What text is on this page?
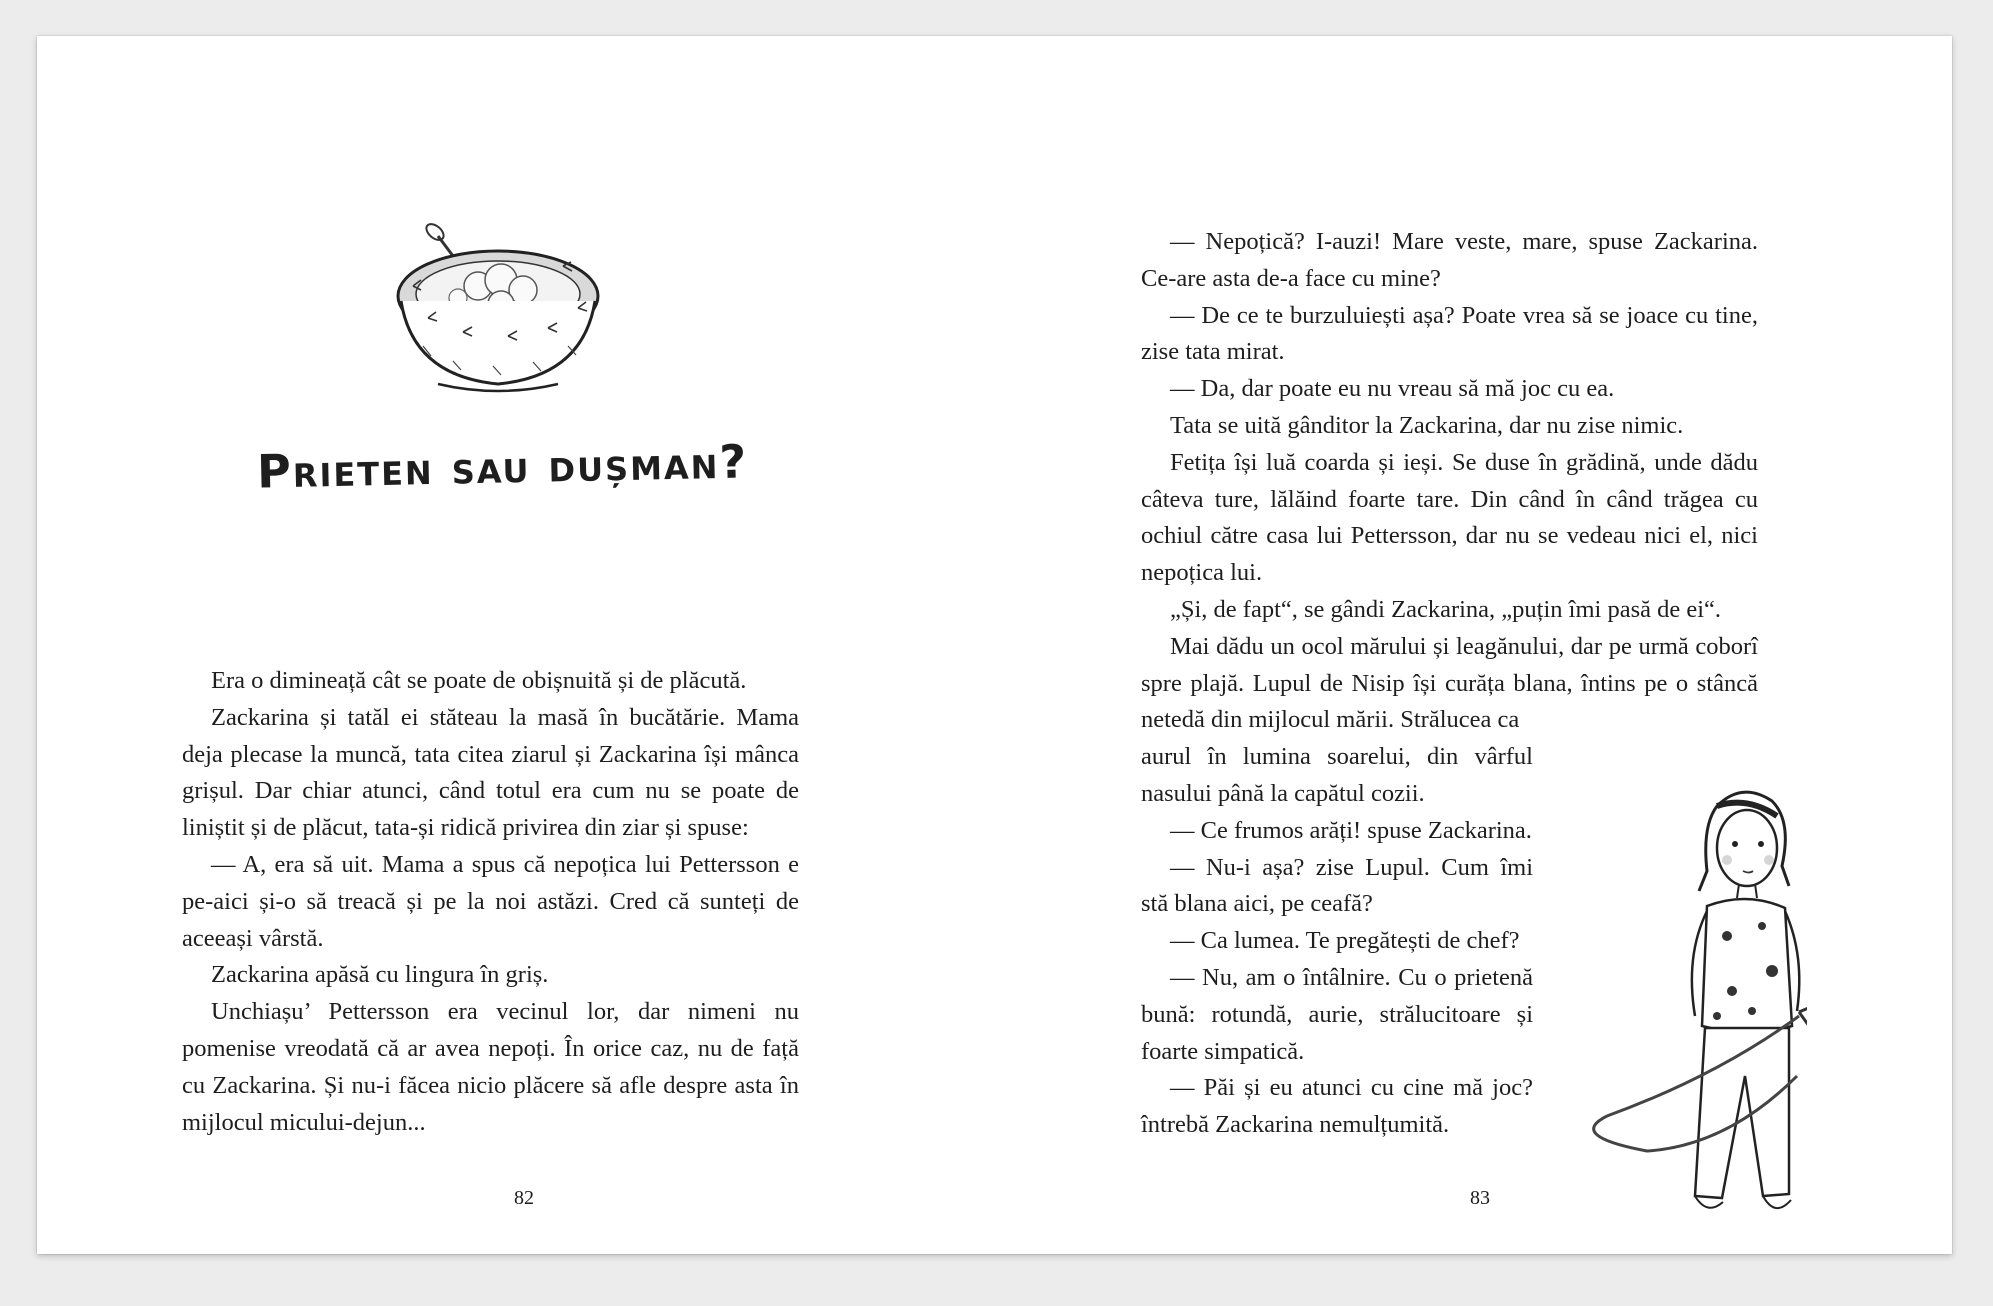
Prieten sau dușman?

Era o dimineață cât se poate de obișnuită și de plăcută.

Zackarina și tatăl ei stăteau la masă în bucătărie. Mama deja plecase la muncă, tata citea ziarul și Zackarina își mânca grișul. Dar chiar atunci, când totul era cum nu se poate de liniștit și de plăcut, tata-și ridică privirea din ziar și spuse:

— A, era să uit. Mama a spus că nepoțica lui Pettersson e pe-aici și-o să treacă și pe la noi astăzi. Cred că sunteți de aceeași vârstă.

Zackarina apăsă cu lingura în griș.

Unchiașu’ Pettersson era vecinul lor, dar nimeni nu pomenise vreodată că ar avea nepoți. În orice caz, nu de față cu Zackarina. Și nu-i făcea nicio plăcere să afle despre asta în mijlocul micului-dejun...

82	83

— Nepoțică? I-auzi! Mare veste, mare, spuse Zackarina. Ce-are asta de-a face cu mine?

— De ce te burzuluiești așa? Poate vrea să se joace cu tine, zise tata mirat.

— Da, dar poate eu nu vreau să mă joc cu ea.

Tata se uită gânditor la Zackarina, dar nu zise nimic.

Fetița își luă coarda și ieși. Se duse în grădină, unde dădu câteva ture, lălăind foarte tare. Din când în când trăgea cu ochiul către casa lui Pettersson, dar nu se vedeau nici el, nici nepoțica lui.

„Și, de fapt“, se gândi Zackarina, „puțin îmi pasă de ei“.

Mai dădu un ocol mărului și leagănului, dar pe urmă coborî spre plajă. Lupul de Nisip își curăța blana, întins pe o stâncă netedă din mijlocul mării. Strălucea ca

aurul în lumina soarelui, din vârful nasului până la capătul cozii.

— Ce frumos arăți! spuse Zackarina.

— Nu-i așa? zise Lupul. Cum îmi stă blana aici, pe ceafă?

— Ca lumea. Te pregătești de chef?

— Nu, am o întâlnire. Cu o prietenă bună: rotundă, aurie, strălucitoare și foarte simpatică.

— Păi și eu atunci cu cine mă joc? întrebă Zackarina nemulțumită.
